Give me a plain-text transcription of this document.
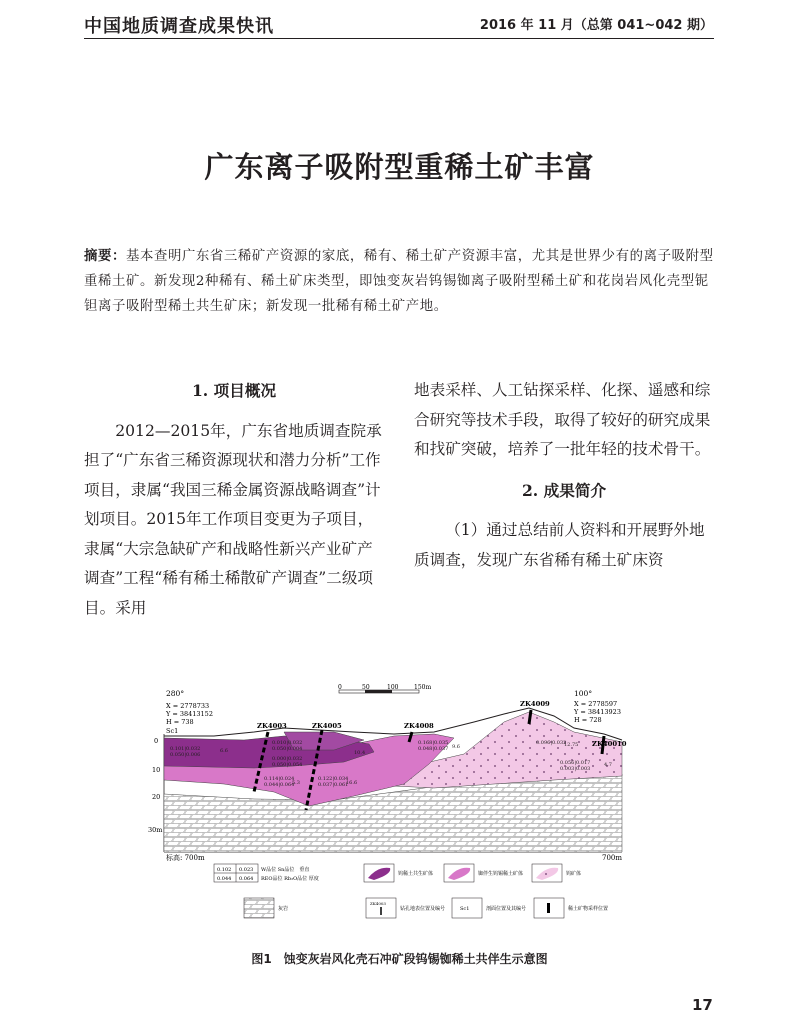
中国地质调查成果快讯	2016 年 11 月（总第 041~042 期）
广东离子吸附型重稀土矿丰富
摘要：基本查明广东省三稀矿产资源的家底，稀有、稀土矿产资源丰富，尤其是世界少有的离子吸附型重稀土矿。新发现2种稀有、稀土矿床类型，即蚀变灰岩钨锡铷离子吸附型稀土矿和花岗岩风化壳型铌钽离子吸附型稀土共生矿床；新发现一批稀有稀土矿产地。
1. 项目概况

2012—2015年，广东省地质调查院承担了“广东省三稀资源现状和潜力分析”工作项目，隶属“我国三稀金属资源战略调查”计划项目。2015年工作项目变更为子项目，隶属“大宗急缺矿产和战略性新兴产业矿产调查”工程“稀有稀土稀散矿产调查”二级项目。采用

地表采样、人工钻探采样、化探、遥感和综合研究等技术手段，取得了较好的研究成果和找矿突破，培养了一批年轻的技术骨干。

2. 成果简介

（1）通过总结前人资料和开展野外地质调查，发现广东省稀有稀土矿床资

0	50	100	150m
280°
X = 2778733
Y = 38413152
H = 738
Sc1
100°
X = 2778597
Y = 38413923
H = 728
ZK4003	ZK4005	ZK4008
ZK4009
ZK40010
0
10
20
30m
标高: 700m	700m
0.101|0.032
0.050|0.006
0.010|0.032
0.050|0.004
0.000|0.032
0.050|0.054
0.114|0.024
0.044|0.064
0.122|0.034
0.037|0.061
0.168|0.035
0.048|0.037
0.096|0.032
0.056|0.017
0.003|0.003
6.6	10.4
9.6
5.3	16.6
12.75
4.7
0.102 0.023
0.044 0.064
W品位 Sn品位　垂直
REO品位 Rb₂O品位 厚度
钨稀土共生矿体	铷伴生钨锡稀土矿体	钨矿体
灰岩
ZK4003
钻孔地表位置及编号	Sc1	剖面位置及其编号	稀土矿物采样位置
图1　蚀变灰岩风化壳石冲矿段钨锡铷稀土共伴生示意图
17
